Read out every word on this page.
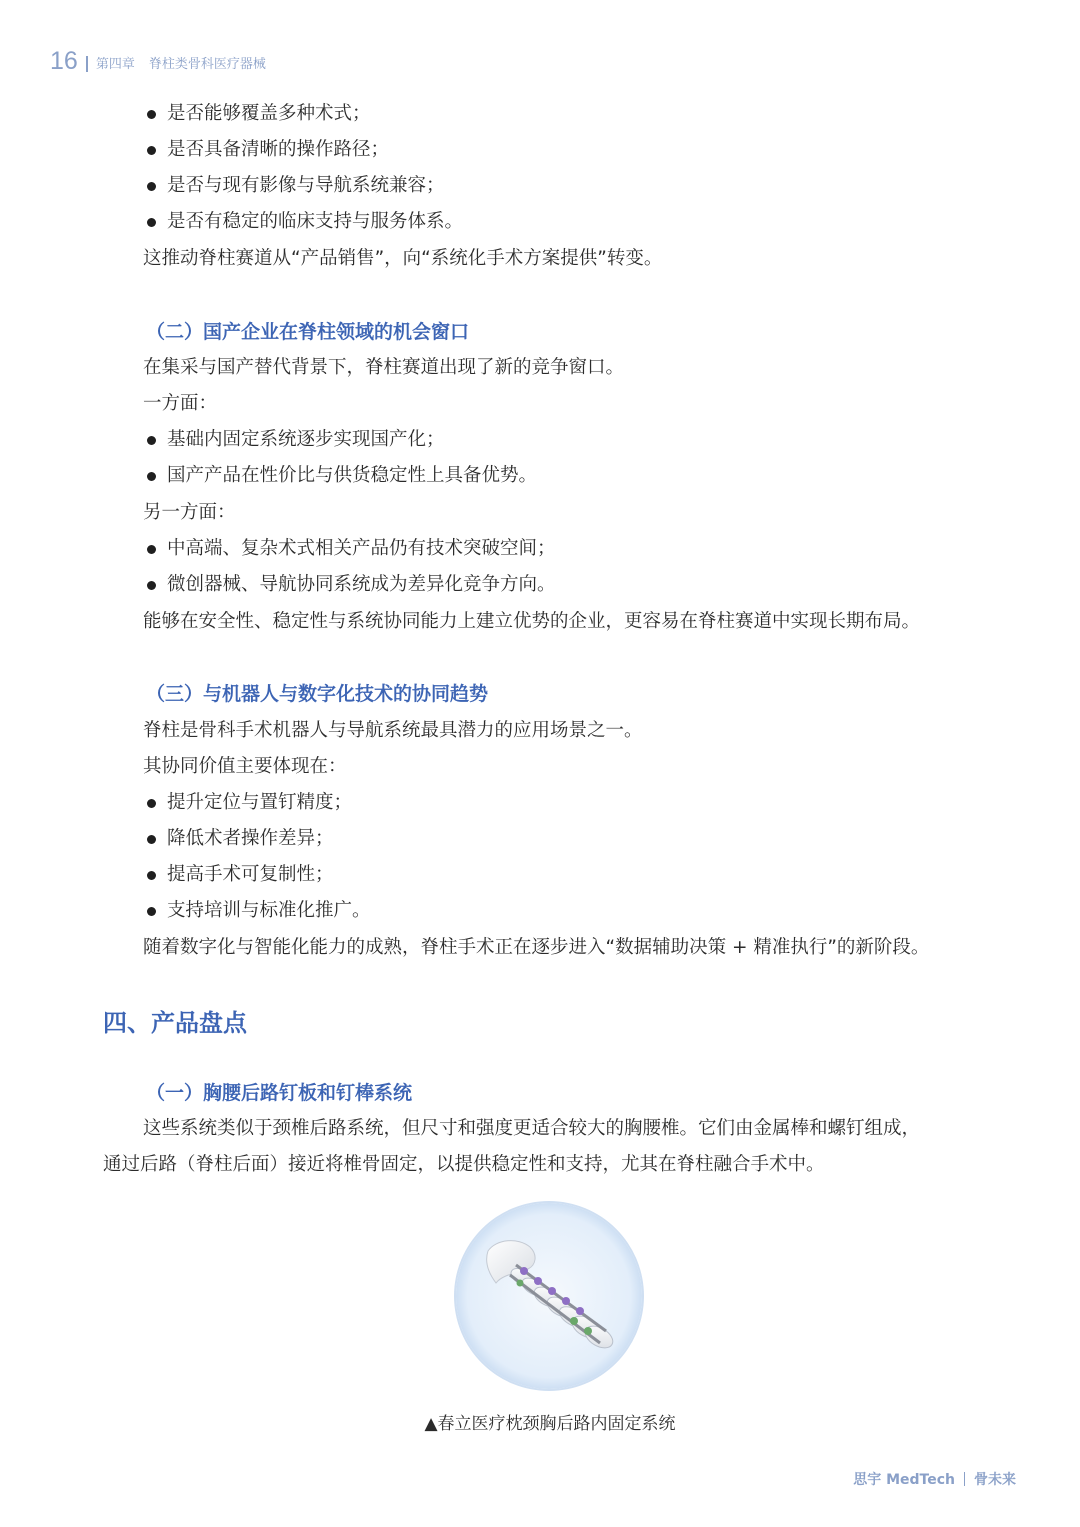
16 第四章 脊柱类骨科医疗器械
是否能够覆盖多种术式；
是否具备清晰的操作路径；
是否与现有影像与导航系统兼容；
是否有稳定的临床支持与服务体系。
这推动脊柱赛道从“产品销售”，向“系统化手术方案提供”转变。
（二）国产企业在脊柱领域的机会窗口
在集采与国产替代背景下，脊柱赛道出现了新的竞争窗口。
一方面：
基础内固定系统逐步实现国产化；
国产产品在性价比与供货稳定性上具备优势。
另一方面：
中高端、复杂术式相关产品仍有技术突破空间；
微创器械、导航协同系统成为差异化竞争方向。
能够在安全性、稳定性与系统协同能力上建立优势的企业，更容易在脊柱赛道中实现长期布局。
（三）与机器人与数字化技术的协同趋势
脊柱是骨科手术机器人与导航系统最具潜力的应用场景之一。
其协同价值主要体现在：
提升定位与置钉精度；
降低术者操作差异；
提高手术可复制性；
支持培训与标准化推广。
随着数字化与智能化能力的成熟，脊柱手术正在逐步进入“数据辅助决策 + 精准执行”的新阶段。
四、产品盘点
（一）胸腰后路钉板和钉棒系统
这些系统类似于颈椎后路系统，但尺寸和强度更适合较大的胸腰椎。它们由金属棒和螺钉组成，
通过后路（脊柱后面）接近将椎骨固定，以提供稳定性和支持，尤其在脊柱融合手术中。
▲春立医疗枕颈胸后路内固定系统
思宇 MedTech 骨未来
